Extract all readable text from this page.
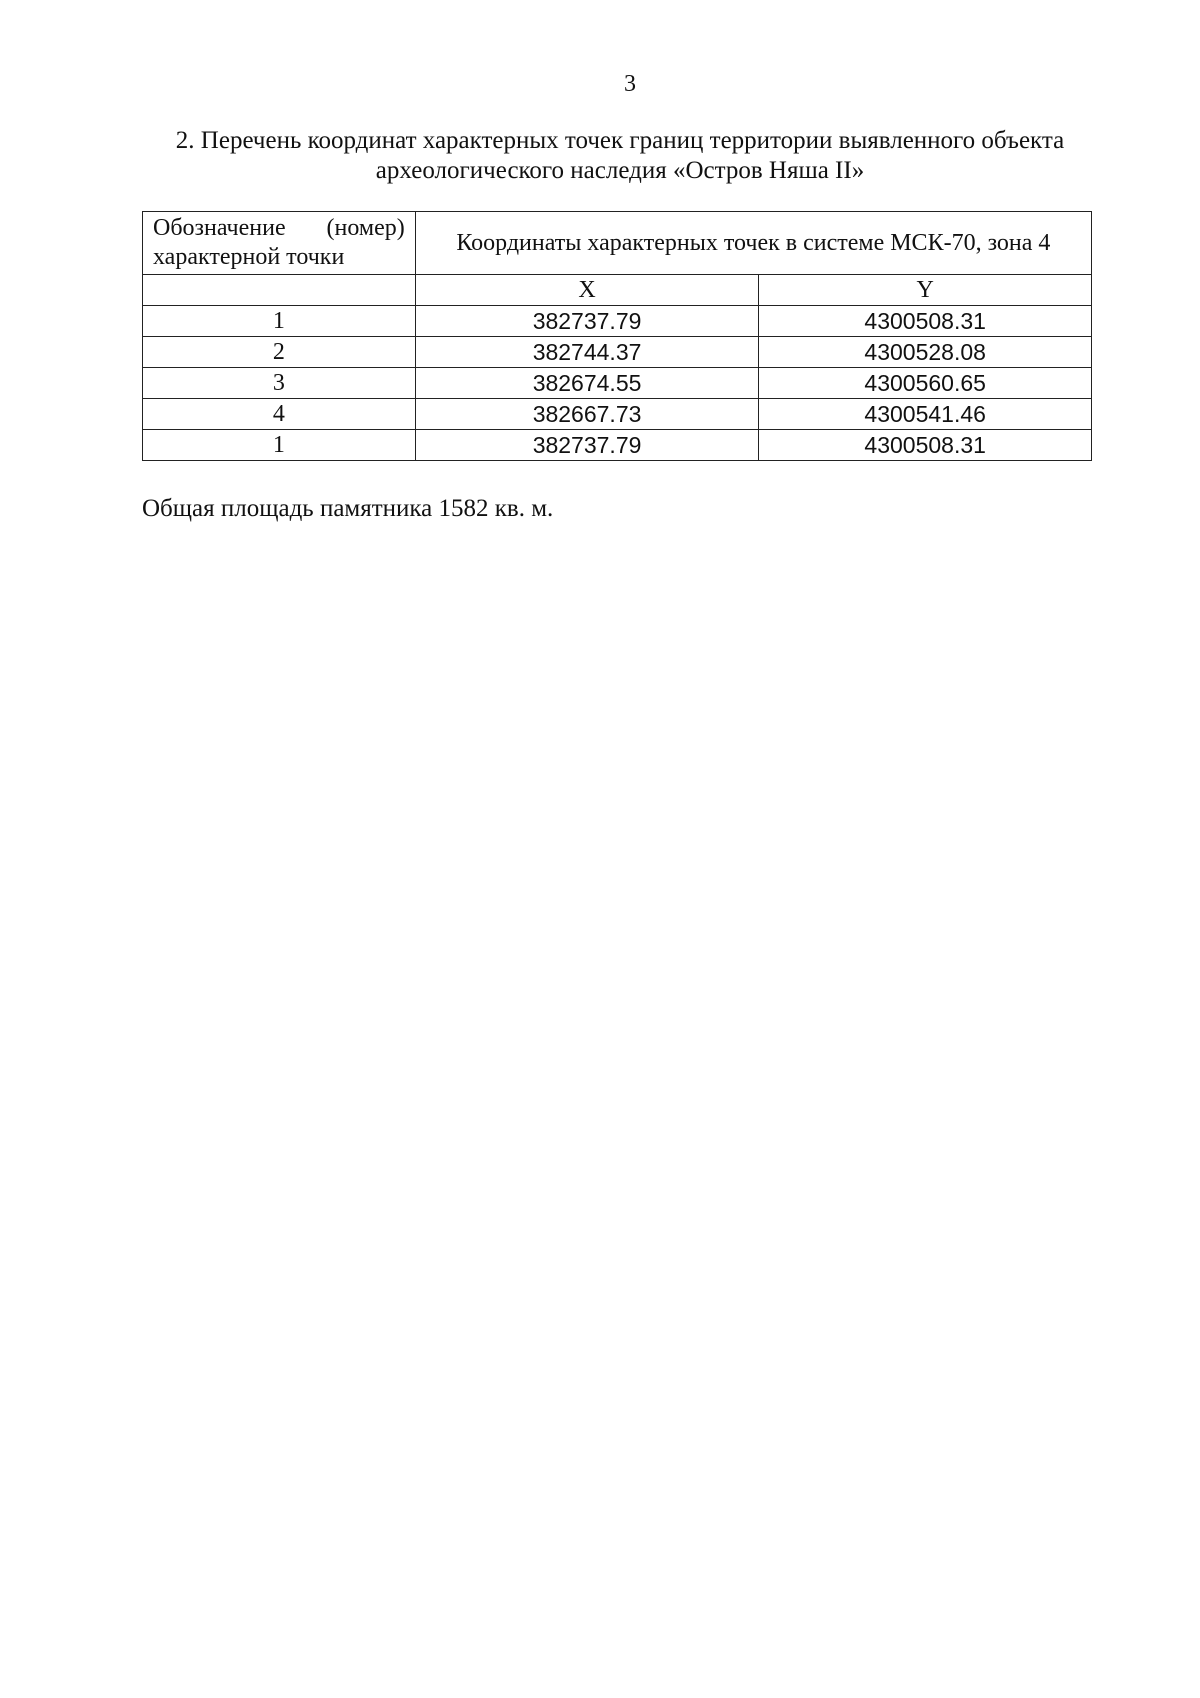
3
2. Перечень координат характерных точек границ территории выявленного объекта
археологического наследия «Остров Няша II»
Обозначение (номер) характерной точки	Координаты характерных точек в системе МСК-70, зона 4	
	X	Y
1	382737.79	4300508.31
2	382744.37	4300528.08
3	382674.55	4300560.65
4	382667.73	4300541.46
1	382737.79	4300508.31
Общая площадь памятника 1582 кв. м.
